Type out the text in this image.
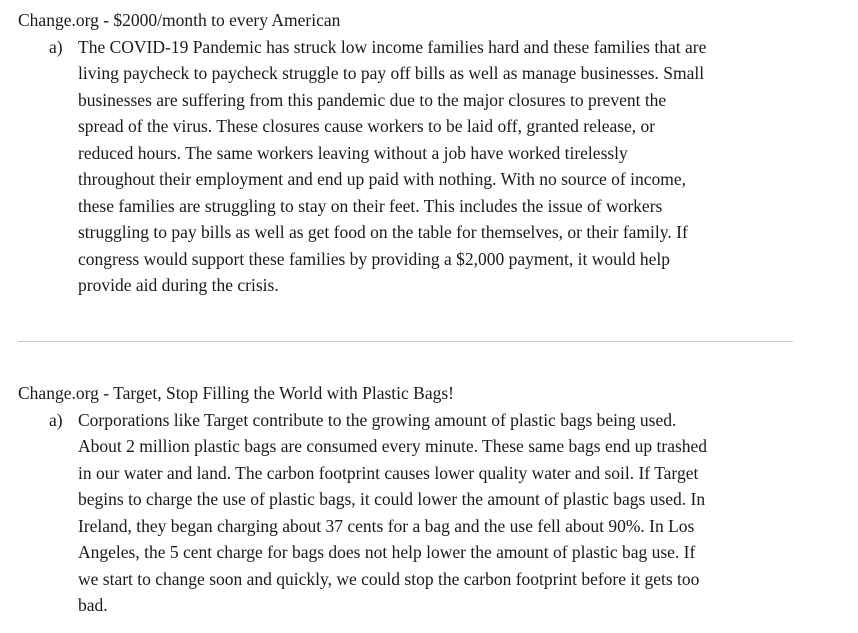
Change.org - $2000/month to every American
a) The COVID-19 Pandemic has struck low income families hard and these families that are
living paycheck to paycheck struggle to pay off bills as well as manage businesses. Small
businesses are suffering from this pandemic due to the major closures to prevent the
spread of the virus. These closures cause workers to be laid off, granted release, or
reduced hours. The same workers leaving without a job have worked tirelessly
throughout their employment and end up paid with nothing. With no source of income,
these families are struggling to stay on their feet. This includes the issue of workers
struggling to pay bills as well as get food on the table for themselves, or their family. If
congress would support these families by providing a $2,000 payment, it would help
provide aid during the crisis.
Change.org - Target, Stop Filling the World with Plastic Bags!
a) Corporations like Target contribute to the growing amount of plastic bags being used.
About 2 million plastic bags are consumed every minute. These same bags end up trashed
in our water and land. The carbon footprint causes lower quality water and soil. If Target
begins to charge the use of plastic bags, it could lower the amount of plastic bags used. In
Ireland, they began charging about 37 cents for a bag and the use fell about 90%. In Los
Angeles, the 5 cent charge for bags does not help lower the amount of plastic bag use. If
we start to change soon and quickly, we could stop the carbon footprint before it gets too
bad.
